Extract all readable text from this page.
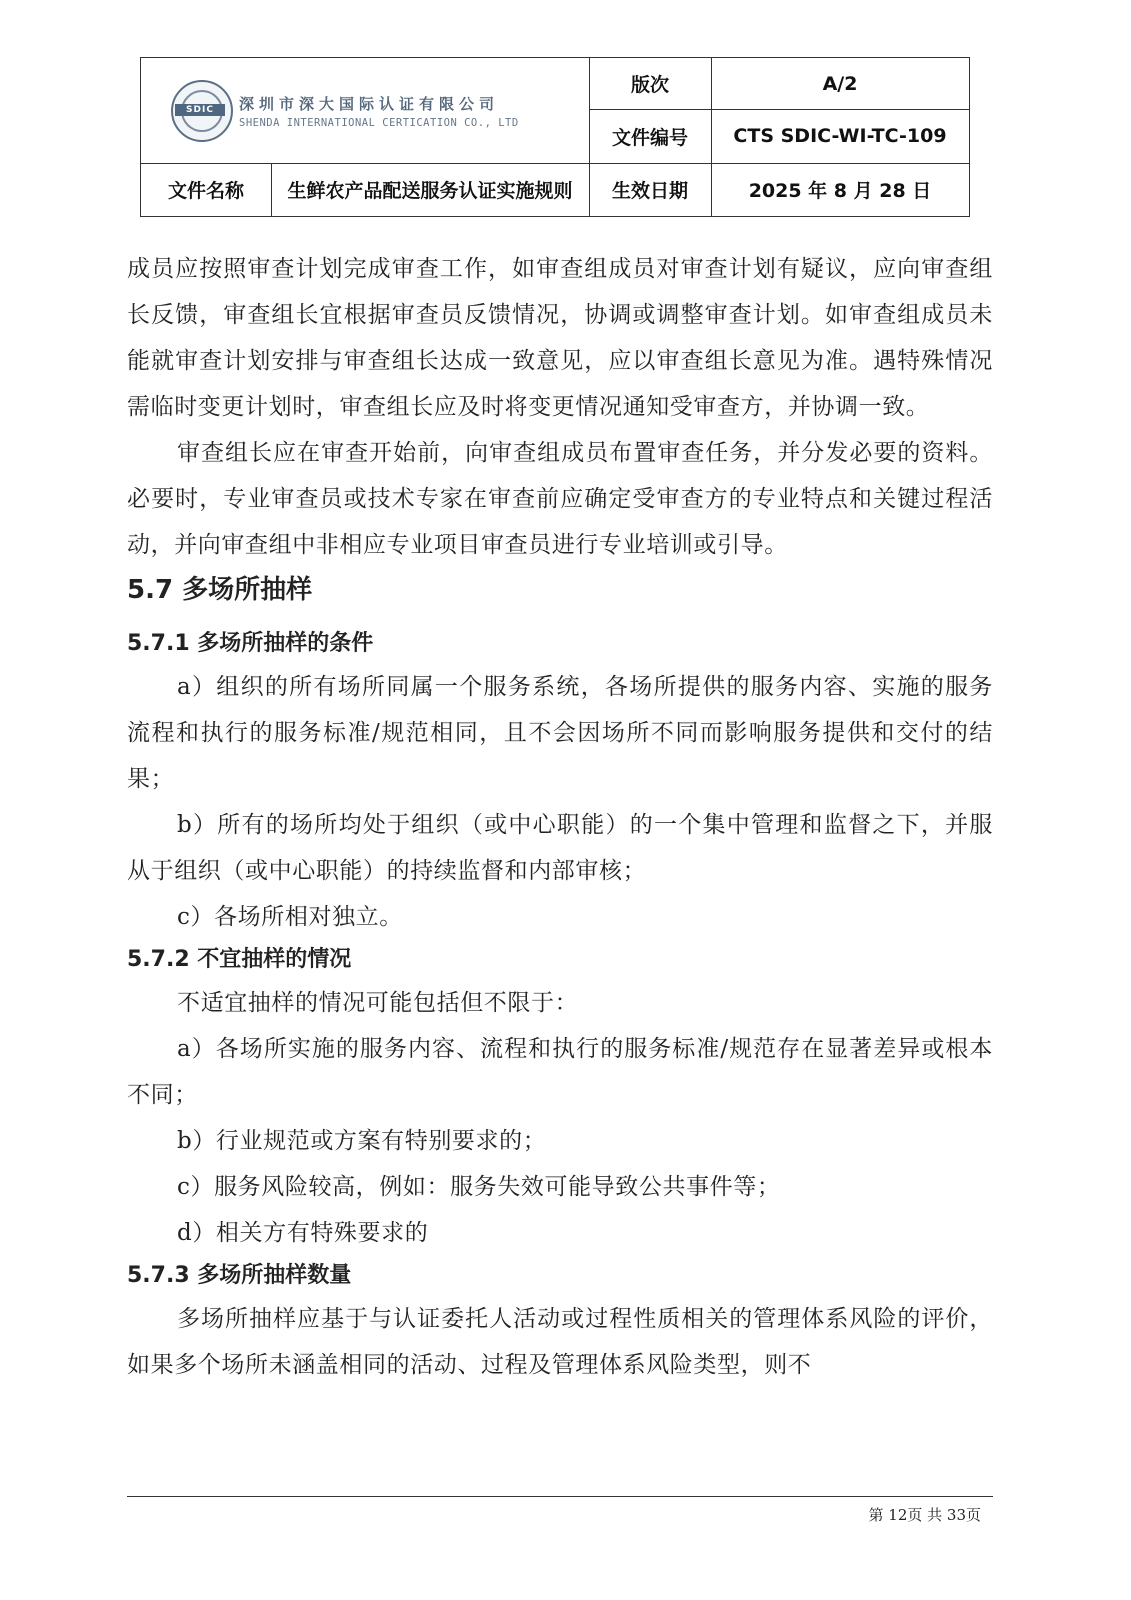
SDIC	深圳市深大国际认证有限公司
SHENDA INTERNATIONAL CERTICATION CO., LTD
版次	A/2
文件编号	CTS SDIC-WI-TC-109
文件名称	生鲜农产品配送服务认证实施规则	生效日期	2025 年 8 月 28 日

成员应按照审查计划完成审查工作，如审查组成员对审查计划有疑议，应向审查组长反馈，审查组长宜根据审查员反馈情况，协调或调整审查计划。如审查组成员未能就审查计划安排与审查组长达成一致意见，应以审查组长意见为准。遇特殊情况需临时变更计划时，审查组长应及时将变更情况通知受审查方，并协调一致。

审查组长应在审查开始前，向审查组成员布置审查任务，并分发必要的资料。必要时，专业审查员或技术专家在审查前应确定受审查方的专业特点和关键过程活动，并向审查组中非相应专业项目审查员进行专业培训或引导。

5.7 多场所抽样
5.7.1 多场所抽样的条件

a）组织的所有场所同属一个服务系统，各场所提供的服务内容、实施的服务流程和执行的服务标准/规范相同，且不会因场所不同而影响服务提供和交付的结果；

b）所有的场所均处于组织（或中心职能）的一个集中管理和监督之下，并服从于组织（或中心职能）的持续监督和内部审核；

c）各场所相对独立。

5.7.2 不宜抽样的情况

不适宜抽样的情况可能包括但不限于：

a）各场所实施的服务内容、流程和执行的服务标准/规范存在显著差异或根本不同；

b）行业规范或方案有特别要求的；

c）服务风险较高，例如：服务失效可能导致公共事件等；

d）相关方有特殊要求的

5.7.3 多场所抽样数量

多场所抽样应基于与认证委托人活动或过程性质相关的管理体系风险的评价，如果多个场所未涵盖相同的活动、过程及管理体系风险类型，则不

第 12页 共 33页
